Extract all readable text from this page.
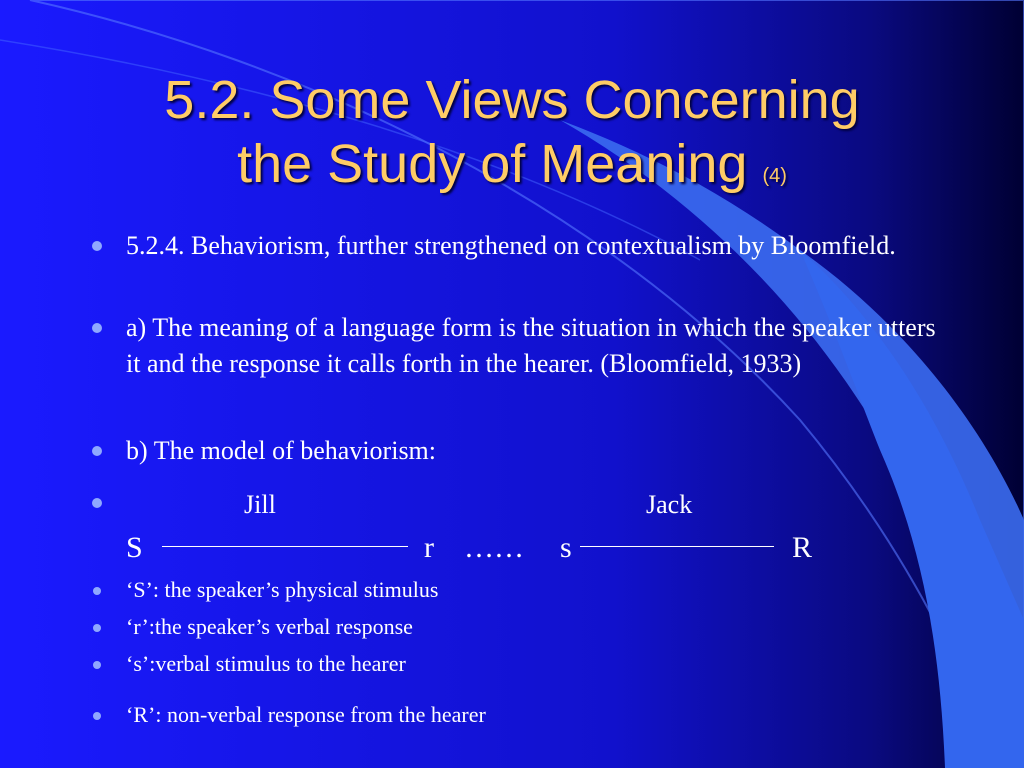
5.2. Some Views Concerning
the Study of Meaning (4)
5.2.4. Behaviorism, further strengthened on contextualism by Bloomfield.
a) The meaning of a language form is the situation in which the speaker utters it and the response it calls forth in the hearer. (Bloomfield, 1933)
b) The model of behaviorism:
Jill	Jack
S	r …… s	R
‘S’: the speaker’s physical stimulus
‘r’:the speaker’s verbal response
‘s’:verbal stimulus to the hearer
‘R’: non-verbal response from the hearer
